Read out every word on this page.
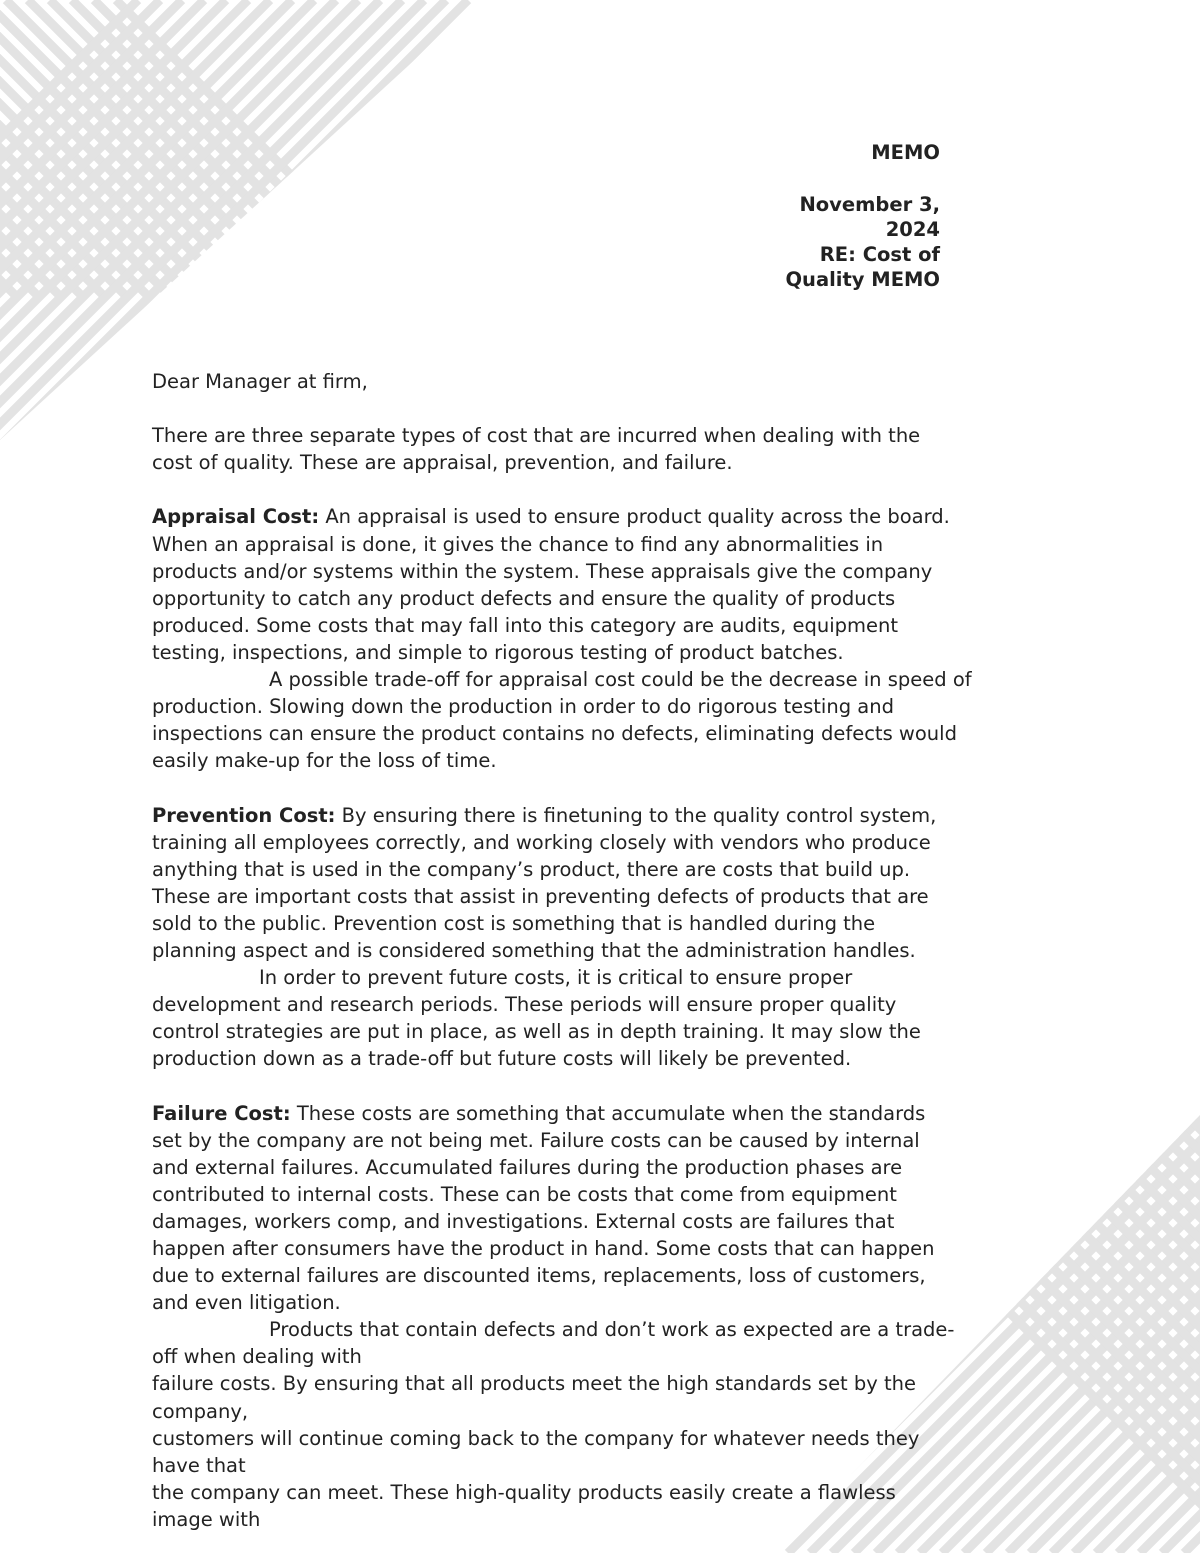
MEMO
November 3,
2024
RE: Cost of
Quality MEMO

Dear Manager at firm,

There are three separate types of cost that are incurred when dealing with the
cost of quality. These are appraisal, prevention, and failure.

Appraisal Cost: An appraisal is used to ensure product quality across the board.
When an appraisal is done, it gives the chance to find any abnormalities in
products and/or systems within the system. These appraisals give the company
opportunity to catch any product defects and ensure the quality of products
produced. Some costs that may fall into this category are audits, equipment
testing, inspections, and simple to rigorous testing of product batches.

A possible trade-off for appraisal cost could be the decrease in speed of
production. Slowing down the production in order to do rigorous testing and
inspections can ensure the product contains no defects, eliminating defects would
easily make-up for the loss of time.

Prevention Cost: By ensuring there is finetuning to the quality control system,
training all employees correctly, and working closely with vendors who produce
anything that is used in the company’s product, there are costs that build up.
These are important costs that assist in preventing defects of products that are
sold to the public. Prevention cost is something that is handled during the
planning aspect and is considered something that the administration handles.

In order to prevent future costs, it is critical to ensure proper
development and research periods. These periods will ensure proper quality
control strategies are put in place, as well as in depth training. It may slow the
production down as a trade-off but future costs will likely be prevented.

Failure Cost: These costs are something that accumulate when the standards
set by the company are not being met. Failure costs can be caused by internal
and external failures. Accumulated failures during the production phases are
contributed to internal costs. These can be costs that come from equipment
damages, workers comp, and investigations. External costs are failures that
happen after consumers have the product in hand. Some costs that can happen
due to external failures are discounted items, replacements, loss of customers,
and even litigation.

Products that contain defects and don’t work as expected are a trade-
off when dealing with
failure costs. By ensuring that all products meet the high standards set by the
company,
customers will continue coming back to the company for whatever needs they
have that
the company can meet. These high-quality products easily create a flawless
image with
